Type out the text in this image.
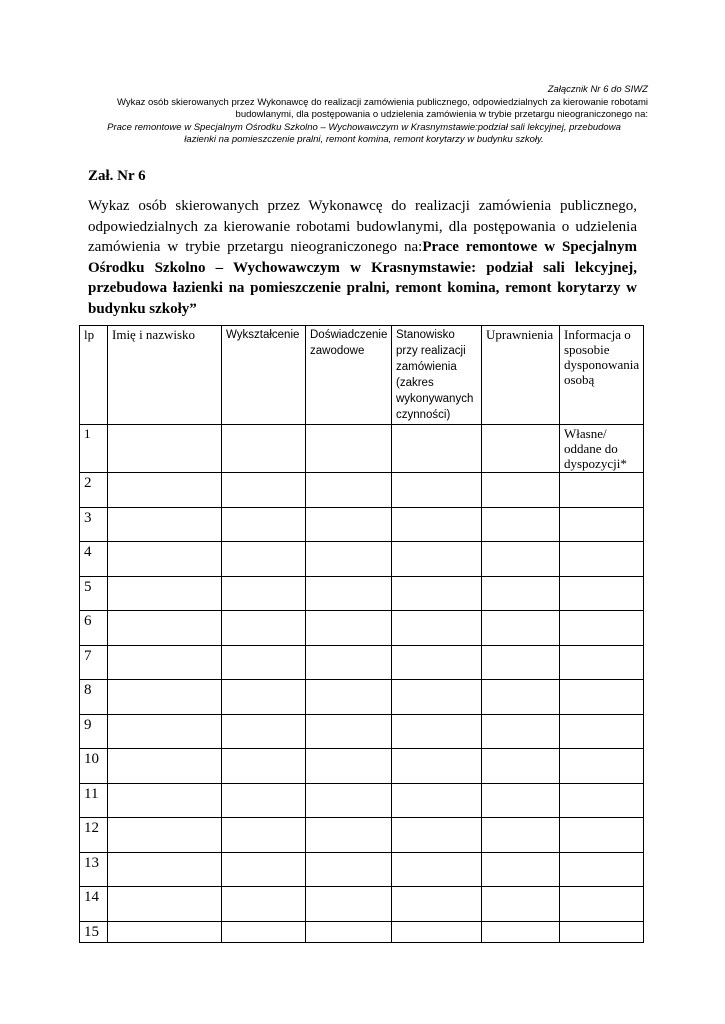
Załącznik Nr 6 do SIWZ
Wykaz osób skierowanych przez Wykonawcę do realizacji zamówienia publicznego, odpowiedzialnych za kierowanie robotami
budowlanymi, dla postępowania o udzielenia zamówienia w trybie przetargu nieograniczonego na:
Prace remontowe w Specjalnym Ośrodku Szkolno – Wychowawczym w Krasnymstawie:podział sali lekcyjnej, przebudowa
łazienki na pomieszczenie pralni, remont komina, remont korytarzy w budynku szkoły.
Zał. Nr 6
Wykaz osób skierowanych przez Wykonawcę do realizacji zamówienia publicznego, odpowiedzialnych za kierowanie robotami budowlanymi, dla postępowania o udzielenia zamówienia w trybie przetargu nieograniczonego na:Prace remontowe w Specjalnym Ośrodku Szkolno – Wychowawczym w Krasnymstawie: podział sali lekcyjnej, przebudowa łazienki na pomieszczenie pralni, remont komina, remont korytarzy w budynku szkoły”
lp	Imię i nazwisko	Wykształcenie	Doświadczenie zawodowe	Stanowisko przy realizacji zamówienia (zakres wykonywanych czynności)	Uprawnienia	Informacja o sposobie dysponowania osobą
1						Własne/ oddane do dyspozycji*
2						
3						
4						
5						
6						
7						
8						
9						
10						
11						
12						
13						
14						
15						
